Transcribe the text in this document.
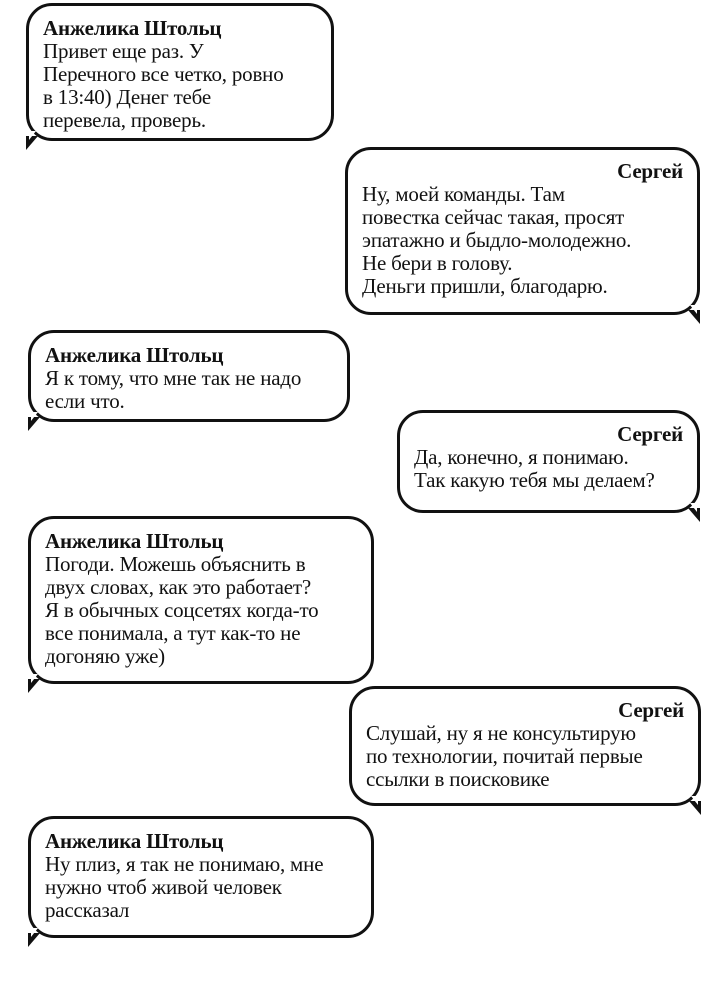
Анжелика Штольц
Привет еще раз. У
Перечного все четко, ровно
в 13:40) Денег тебе
перевела, проверь.
Сергей
Ну, моей команды. Там
повестка сейчас такая, просят
эпатажно и быдло-молодежно.
Не бери в голову.
Деньги пришли, благодарю.
Анжелика Штольц
Я к тому, что мне так не надо
если что.
Сергей
Да, конечно, я понимаю.
Так какую тебя мы делаем?
Анжелика Штольц
Погоди. Можешь объяснить в
двух словах, как это работает?
Я в обычных соцсетях когда-то
все понимала, а тут как-то не
догоняю уже)
Сергей
Слушай, ну я не консультирую
по технологии, почитай первые
ссылки в поисковике
Анжелика Штольц
Ну плиз, я так не понимаю, мне
нужно чтоб живой человек
рассказал
